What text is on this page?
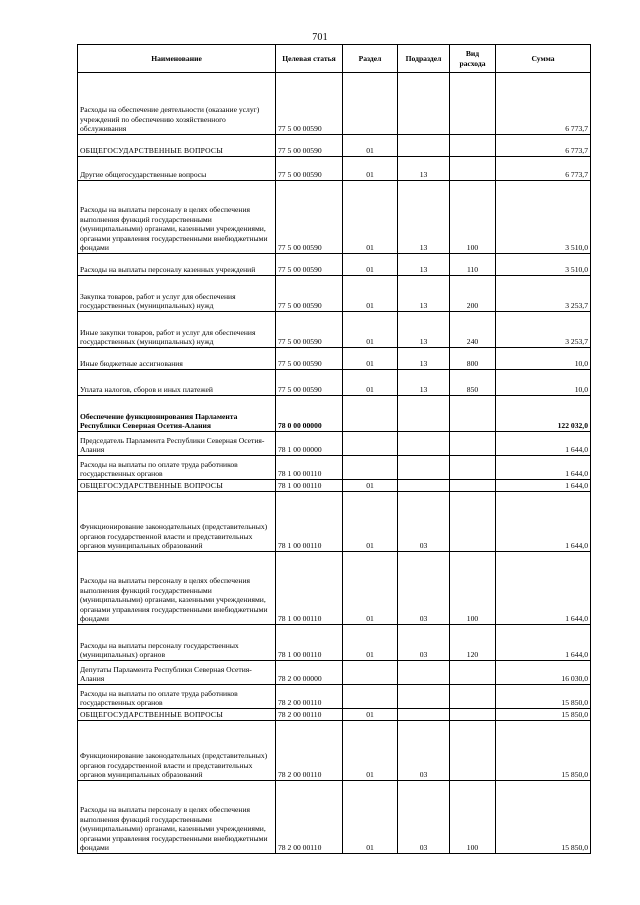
701
Наименование	Целевая статья	Раздел	Подраздел	Вид расхода	Сумма
Расходы на обеспечение деятельности (оказание услуг) учреждений по обеспечению хозяйственного обслуживания	77 5 00 00590				6 773,7
ОБЩЕГОСУДАРСТВЕННЫЕ ВОПРОСЫ	77 5 00 00590	01			6 773,7
Другие общегосударственные вопросы	77 5 00 00590	01	13		6 773,7
Расходы на выплаты персоналу в целях обеспечения выполнения функций государственными (муниципальными) органами, казенными учреждениями, органами управления государственными внебюджетными фондами	77 5 00 00590	01	13	100	3 510,0
Расходы на выплаты персоналу казенных учреждений	77 5 00 00590	01	13	110	3 510,0
Закупка товаров, работ и услуг для обеспечения государственных (муниципальных) нужд	77 5 00 00590	01	13	200	3 253,7
Иные закупки товаров, работ и услуг для обеспечения государственных (муниципальных) нужд	77 5 00 00590	01	13	240	3 253,7
Иные бюджетные ассигнования	77 5 00 00590	01	13	800	10,0
Уплата налогов, сборов и иных платежей	77 5 00 00590	01	13	850	10,0
Обеспечение функционирования Парламента Республики Северная Осетия-Алания	78 0 00 00000				122 032,0
Председатель Парламента Республики Северная Осетия-Алания	78 1 00 00000				1 644,0
Расходы на выплаты по оплате труда работников государственных органов	78 1 00 00110				1 644,0
ОБЩЕГОСУДАРСТВЕННЫЕ ВОПРОСЫ	78 1 00 00110	01			1 644,0
Функционирование законодательных (представительных) органов государственной власти и представительных органов муниципальных образований	78 1 00 00110	01	03		1 644,0
Расходы на выплаты персоналу в целях обеспечения выполнения функций государственными (муниципальными) органами, казенными учреждениями, органами управления государственными внебюджетными фондами	78 1 00 00110	01	03	100	1 644,0
Расходы на выплаты персоналу государственных (муниципальных) органов	78 1 00 00110	01	03	120	1 644,0
Депутаты Парламента Республики Северная Осетия-Алания	78 2 00 00000				16 030,0
Расходы на выплаты по оплате труда работников государственных органов	78 2 00 00110				15 850,0
ОБЩЕГОСУДАРСТВЕННЫЕ ВОПРОСЫ	78 2 00 00110	01			15 850,0
Функционирование законодательных (представительных) органов государственной власти и представительных органов муниципальных образований	78 2 00 00110	01	03		15 850,0
Расходы на выплаты персоналу в целях обеспечения выполнения функций государственными (муниципальными) органами, казенными учреждениями, органами управления государственными внебюджетными фондами	78 2 00 00110	01	03	100	15 850,0
